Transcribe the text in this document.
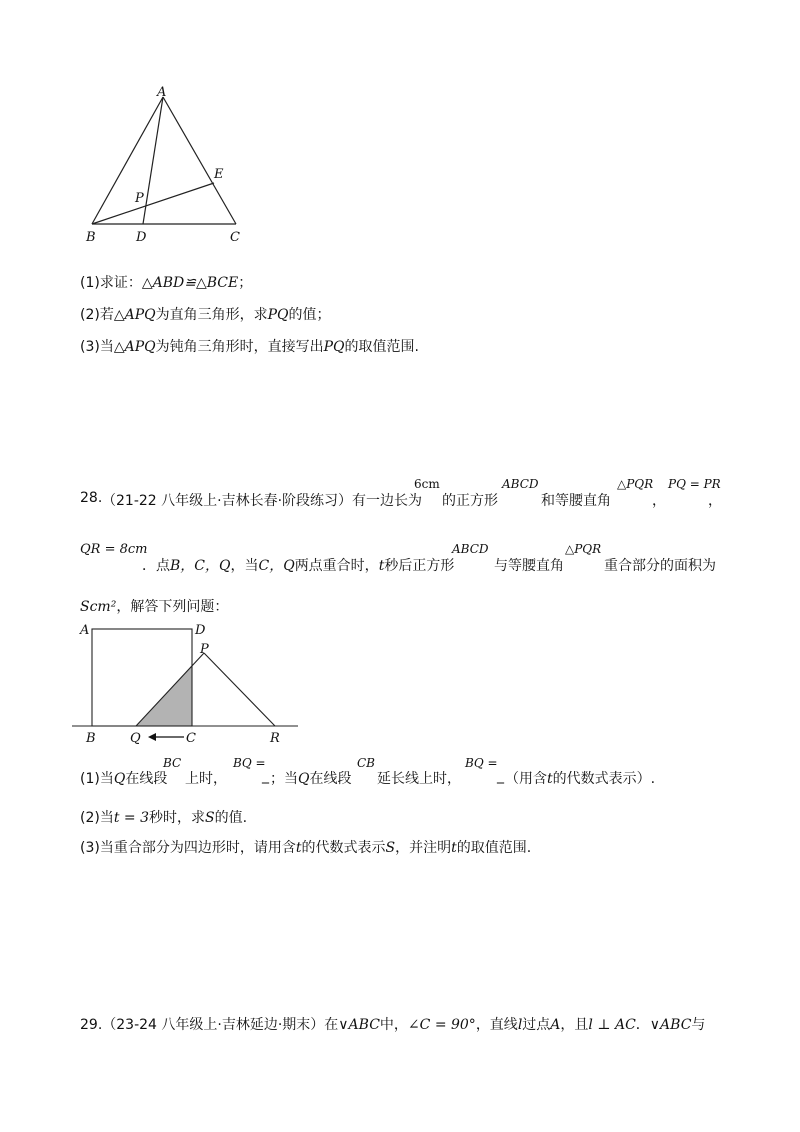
A
E
P
B	D	C
(1)求证：△ABD≌△BCE；
(2)若△APQ为直角三角形，求PQ的值；
(3)当△APQ为钝角三角形时，直接写出PQ的取值范围.
28. （21-22 八年级上·吉林长春·阶段练习） 有一边长为
6cm
的正方形
ABCD
和等腰直角
△PQR
，
PQ = PR
，
QR = 8cm
．点B，C，Q，当C，Q两点重合时，t秒后正方形
ABCD
与等腰直角
△PQR
重合部分的面积为
Scm²，解答下列问题：
A	D
P
B	Q	C	R
(1)当Q在线段
BC
上时，
BQ =
_ ；当Q在线段
CB
延长线上时，
BQ =
_ （用含t的代数式表示）.
(2)当t = 3秒时，求S的值.
(3)当重合部分为四边形时，请用含t的代数式表示S，并注明t的取值范围.
29.（23-24 八年级上·吉林延边·期末）在∨ABC中，∠C = 90°，直线l过点A，且l ⊥ AC．∨ABC与
